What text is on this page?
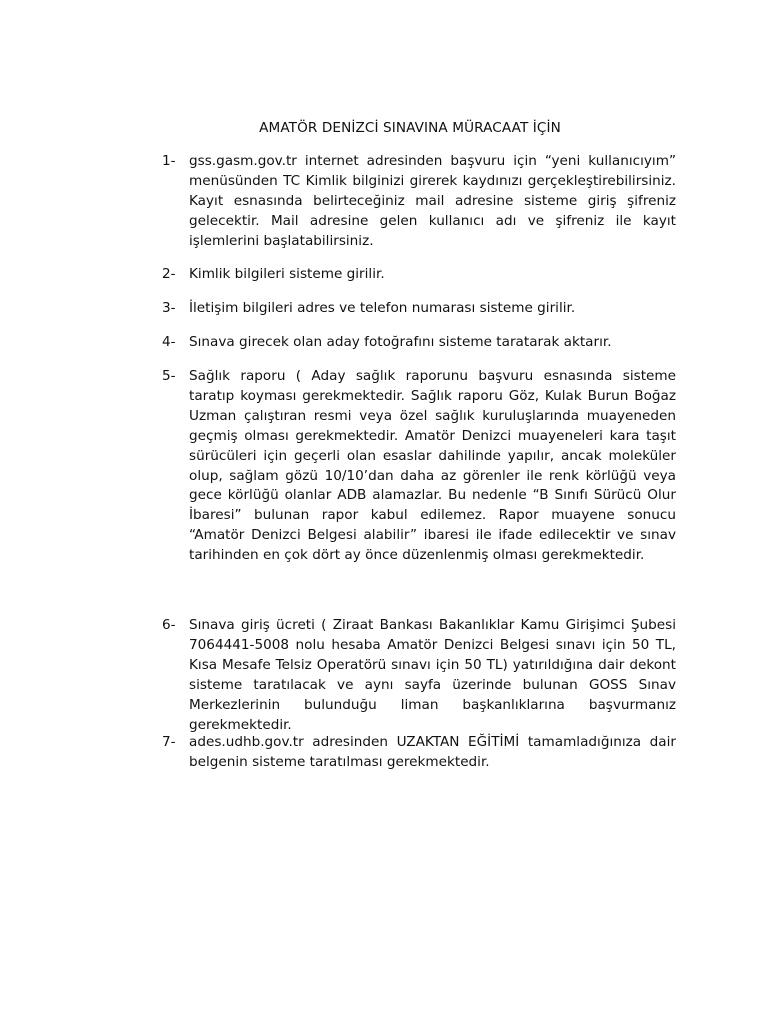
AMATÖR DENİZCİ SINAVINA MÜRACAAT İÇİN
1- gss.gasm.gov.tr internet adresinden başvuru için “yeni kullanıcıyım” menüsünden TC Kimlik bilginizi girerek kaydınızı gerçekleştirebilirsiniz. Kayıt esnasında belirteceğiniz mail adresine sisteme giriş şifreniz gelecektir. Mail adresine gelen kullanıcı adı ve şifreniz ile kayıt işlemlerini başlatabilirsiniz.
2- Kimlik bilgileri sisteme girilir.
3- İletişim bilgileri adres ve telefon numarası sisteme girilir.
4- Sınava girecek olan aday fotoğrafını sisteme taratarak aktarır.
5- Sağlık raporu ( Aday sağlık raporunu başvuru esnasında sisteme taratıp koyması gerekmektedir. Sağlık raporu Göz, Kulak Burun Boğaz Uzman çalıştıran resmi veya özel sağlık kuruluşlarında muayeneden geçmiş olması gerekmektedir. Amatör Denizci muayeneleri kara taşıt sürücüleri için geçerli olan esaslar dahilinde yapılır, ancak moleküler olup, sağlam gözü 10/10’dan daha az görenler ile renk körlüğü veya gece körlüğü olanlar ADB alamazlar. Bu nedenle “B Sınıfı Sürücü Olur İbaresi” bulunan rapor kabul edilemez. Rapor muayene sonucu “Amatör Denizci Belgesi alabilir” ibaresi ile ifade edilecektir ve sınav tarihinden en çok dört ay önce düzenlenmiş olması gerekmektedir.
6- Sınava giriş ücreti ( Ziraat Bankası Bakanlıklar Kamu Girişimci Şubesi 7064441-5008 nolu hesaba Amatör Denizci Belgesi sınavı için 50 TL, Kısa Mesafe Telsiz Operatörü sınavı için 50 TL) yatırıldığına dair dekont sisteme taratılacak ve aynı sayfa üzerinde bulunan GOSS Sınav Merkezlerinin bulunduğu liman başkanlıklarına başvurmanız gerekmektedir.
7- ades.udhb.gov.tr adresinden UZAKTAN EĞİTİMİ tamamladığınıza dair belgenin sisteme taratılması gerekmektedir.
